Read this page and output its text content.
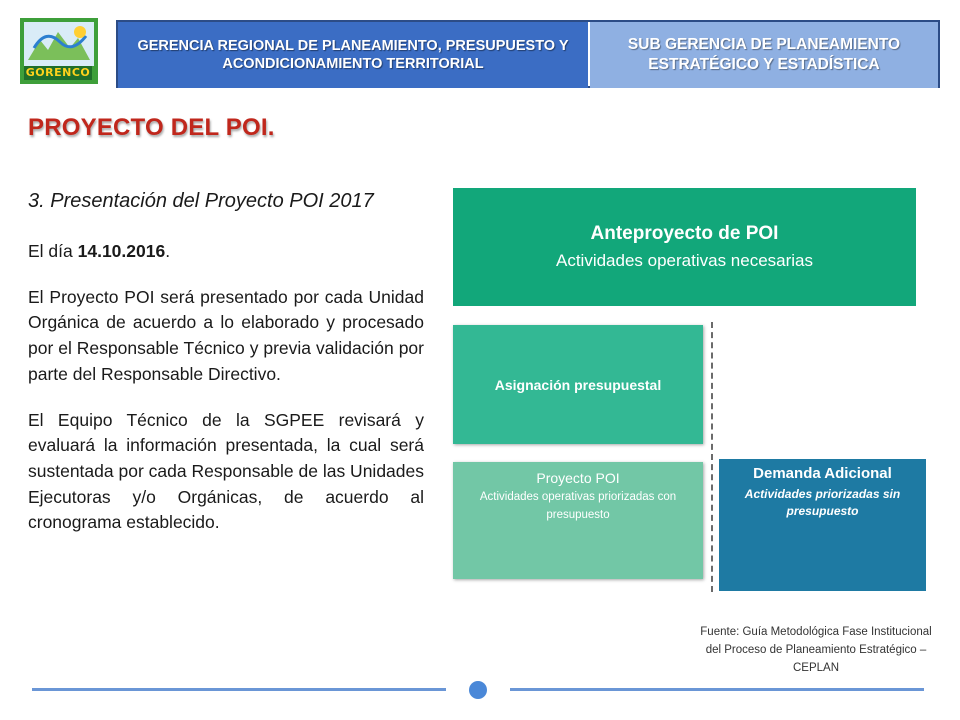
GORENCO
GERENCIA REGIONAL DE PLANEAMIENTO, PRESUPUESTO Y ACONDICIONAMIENTO TERRITORIAL
SUB GERENCIA DE PLANEAMIENTO ESTRATÉGICO Y ESTADÍSTICA
PROYECTO DEL POI.

3. Presentación del Proyecto POI 2017

El día 14.10.2016.

El Proyecto POI será presentado por cada Unidad Orgánica de acuerdo a lo elaborado y procesado por el Responsable Técnico y previa validación por parte del Responsable Directivo.

El Equipo Técnico de la SGPEE revisará y evaluará la información presentada, la cual será sustentada por cada Responsable de las Unidades Ejecutoras y/o Orgánicas, de acuerdo al cronograma establecido.

Anteproyecto de POI
Actividades operativas necesarias
Asignación presupuestal
Proyecto POI
Actividades operativas priorizadas con presupuesto
Demanda Adicional
Actividades priorizadas sin presupuesto
Fuente: Guía Metodológica Fase Institucional del Proceso de Planeamiento Estratégico – CEPLAN
